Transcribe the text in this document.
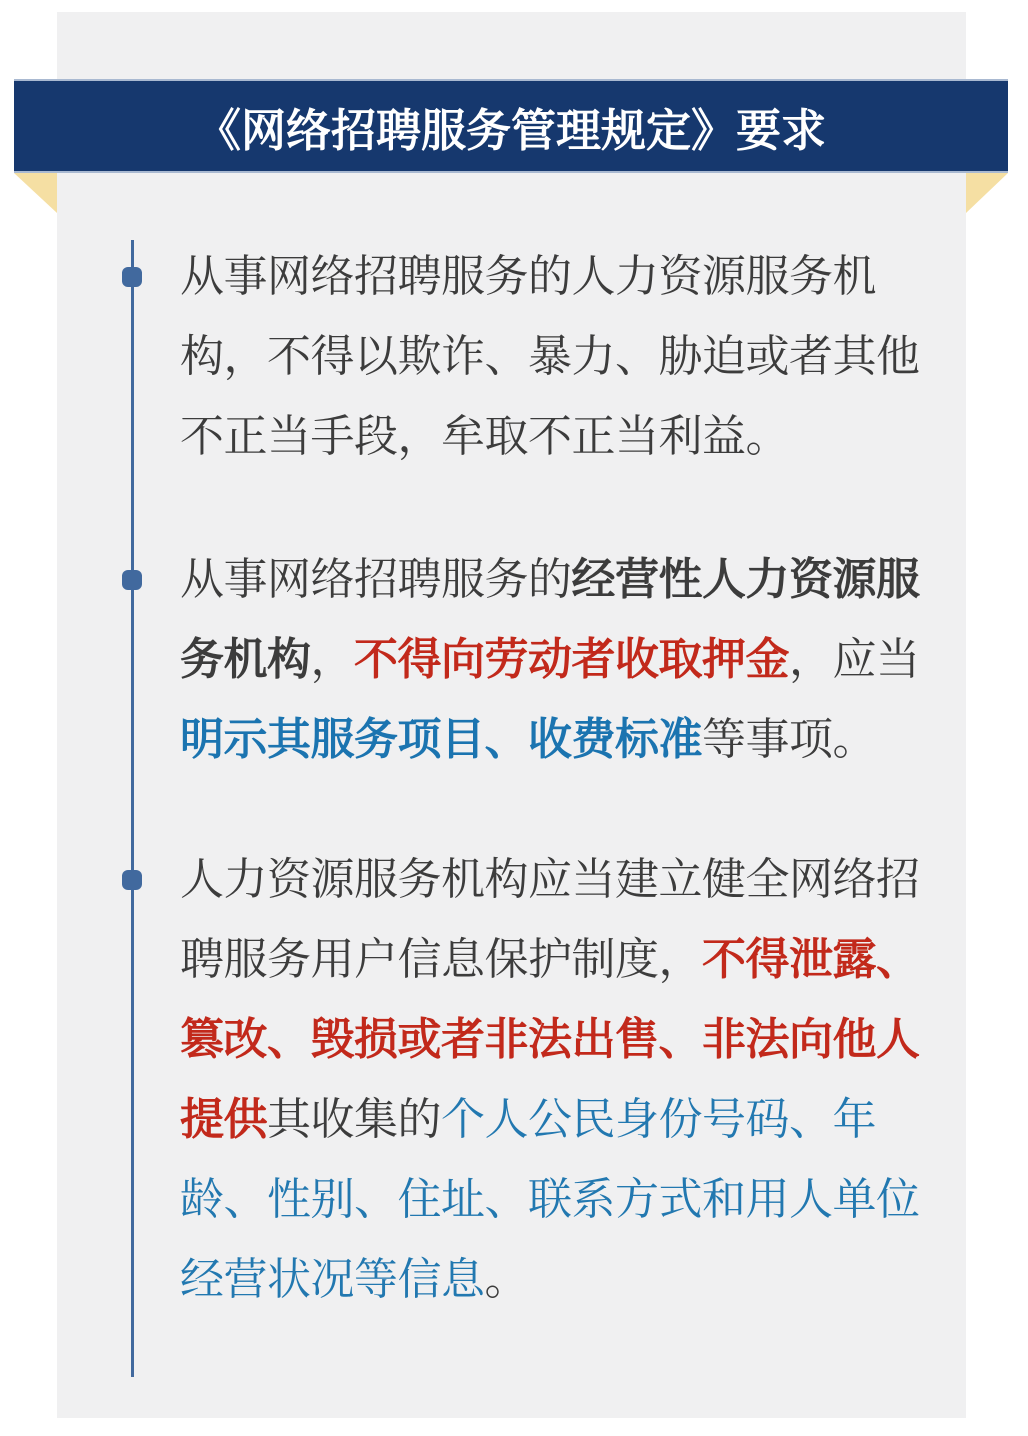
《网络招聘服务管理规定》要求
从事网络招聘服务的人力资源服务机
构，不得以欺诈、暴力、胁迫或者其他
不正当手段，牟取不正当利益。
从事网络招聘服务的经营性人力资源服
务机构，不得向劳动者收取押金，应当
明示其服务项目、收费标准等事项。
人力资源服务机构应当建立健全网络招
聘服务用户信息保护制度，不得泄露、
篡改、毁损或者非法出售、非法向他人
提供其收集的个人公民身份号码、年
龄、性别、住址、联系方式和用人单位
经营状况等信息。
